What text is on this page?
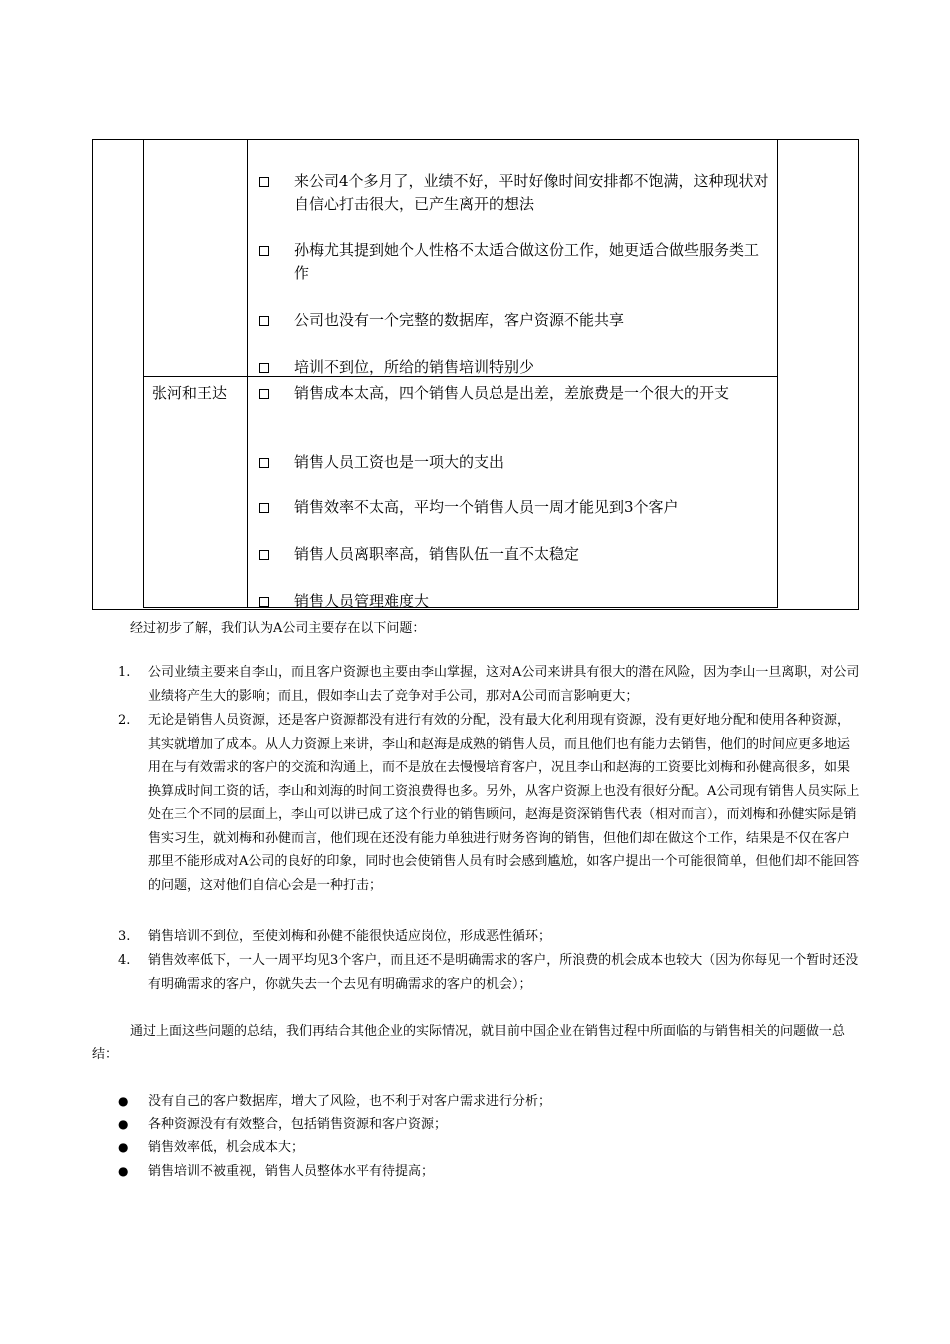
张河和王达
来公司4个多月了，业绩不好，平时好像时间安排都不饱满，这种现状对自信心打击很大，已产生离开的想法
孙梅尤其提到她个人性格不太适合做这份工作，她更适合做些服务类工作
公司也没有一个完整的数据库，客户资源不能共享
培训不到位，所给的销售培训特别少
销售成本太高，四个销售人员总是出差，差旅费是一个很大的开支
销售人员工资也是一项大的支出
销售效率不太高，平均一个销售人员一周才能见到3个客户
销售人员离职率高，销售队伍一直不太稳定
销售人员管理难度大
经过初步了解，我们认为A公司主要存在以下问题：
1. 公司业绩主要来自李山，而且客户资源也主要由李山掌握，这对A公司来讲具有很大的潜在风险，因为李山一旦离职，对公司业绩将产生大的影响；而且，假如李山去了竞争对手公司，那对A公司而言影响更大；
2. 无论是销售人员资源，还是客户资源都没有进行有效的分配，没有最大化利用现有资源，没有更好地分配和使用各种资源，其实就增加了成本。从人力资源上来讲，李山和赵海是成熟的销售人员，而且他们也有能力去销售，他们的时间应更多地运用在与有效需求的客户的交流和沟通上，而不是放在去慢慢培育客户，况且李山和赵海的工资要比刘梅和孙健高很多，如果换算成时间工资的话，李山和刘海的时间工资浪费得也多。另外，从客户资源上也没有很好分配。A公司现有销售人员实际上处在三个不同的层面上，李山可以讲已成了这个行业的销售顾问，赵海是资深销售代表（相对而言），而刘梅和孙健实际是销售实习生，就刘梅和孙健而言，他们现在还没有能力单独进行财务咨询的销售，但他们却在做这个工作，结果是不仅在客户那里不能形成对A公司的良好的印象，同时也会使销售人员有时会感到尴尬，如客户提出一个可能很简单，但他们却不能回答的问题，这对他们自信心会是一种打击；
3. 销售培训不到位，至使刘梅和孙健不能很快适应岗位，形成恶性循环；
4. 销售效率低下，一人一周平均见3个客户，而且还不是明确需求的客户，所浪费的机会成本也较大（因为你每见一个暂时还没有明确需求的客户，你就失去一个去见有明确需求的客户的机会）；
通过上面这些问题的总结，我们再结合其他企业的实际情况，就目前中国企业在销售过程中所面临的与销售相关的问题做一总结：
● 没有自己的客户数据库，增大了风险，也不利于对客户需求进行分析；
● 各种资源没有有效整合，包括销售资源和客户资源；
● 销售效率低，机会成本大；
● 销售培训不被重视，销售人员整体水平有待提高；
